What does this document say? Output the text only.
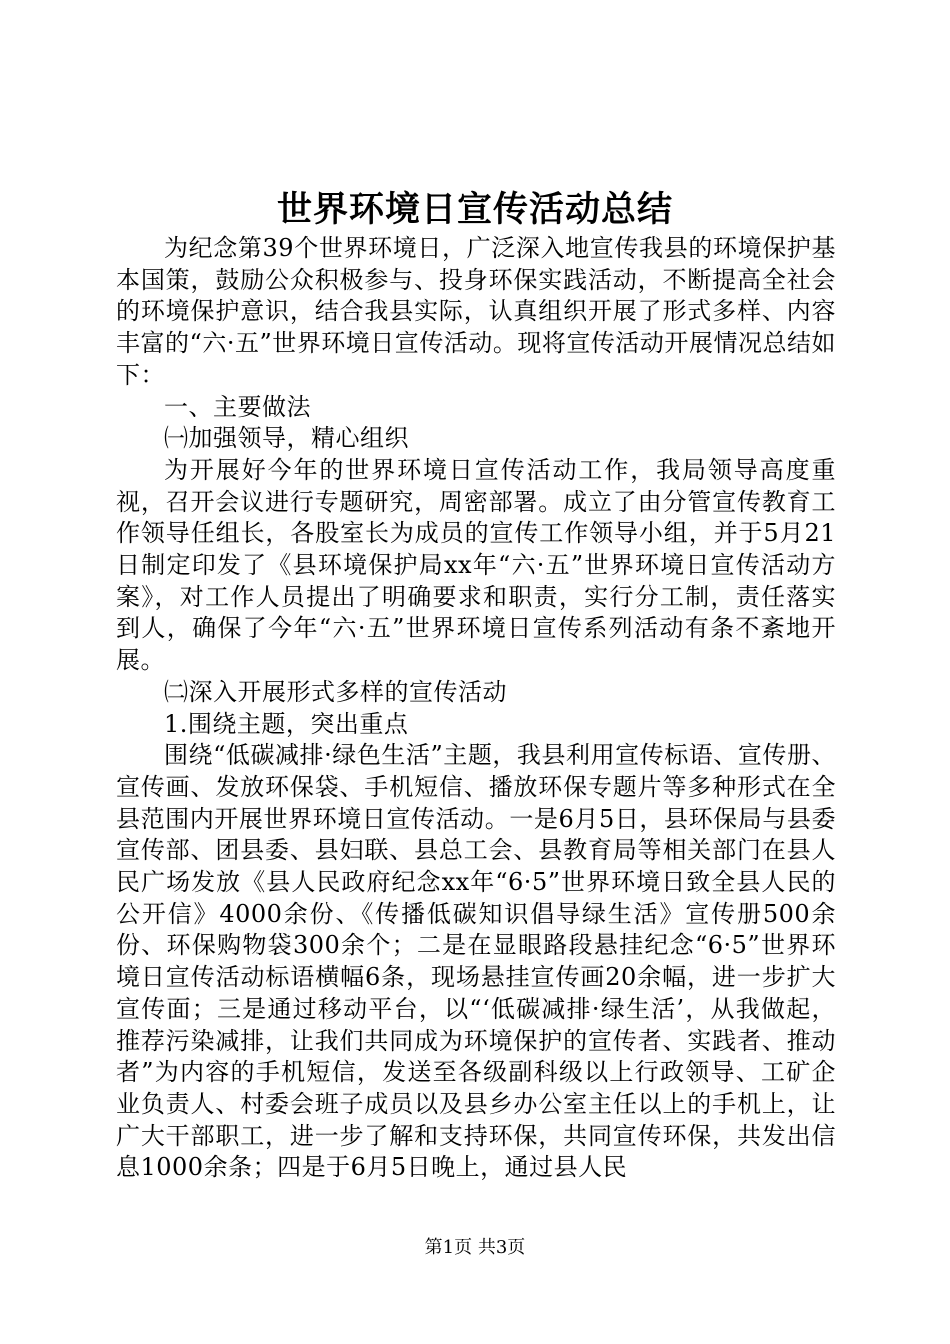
世界环境日宣传活动总结

为纪念第39个世界环境日，广泛深入地宣传我县的环境保护基本国策，鼓励公众积极参与、投身环保实践活动，不断提高全社会的环境保护意识，结合我县实际，认真组织开展了形式多样、内容丰富的“六·五”世界环境日宣传活动。现将宣传活动开展情况总结如下：

一、主要做法

㈠加强领导，精心组织

为开展好今年的世界环境日宣传活动工作，我局领导高度重视，召开会议进行专题研究，周密部署。成立了由分管宣传教育工作领导任组长，各股室长为成员的宣传工作领导小组，并于5月21日制定印发了《县环境保护局xx年“六·五”世界环境日宣传活动方案》，对工作人员提出了明确要求和职责，实行分工制，责任落实到人，确保了今年“六·五”世界环境日宣传系列活动有条不紊地开展。

㈡深入开展形式多样的宣传活动

1.围绕主题，突出重点

围绕“低碳减排·绿色生活”主题，我县利用宣传标语、宣传册、宣传画、发放环保袋、手机短信、播放环保专题片等多种形式在全县范围内开展世界环境日宣传活动。一是6月5日，县环保局与县委宣传部、团县委、县妇联、县总工会、县教育局等相关部门在县人民广场发放《县人民政府纪念xx年“6·5”世界环境日致全县人民的公开信》4000余份、《传播低碳知识倡导绿生活》宣传册500余份、环保购物袋300余个；二是在显眼路段悬挂纪念“6·5”世界环境日宣传活动标语横幅6条，现场悬挂宣传画20余幅，进一步扩大宣传面；三是通过移动平台，以“‘低碳减排·绿生活’，从我做起，推荐污染减排，让我们共同成为环境保护的宣传者、实践者、推动者”为内容的手机短信，发送至各级副科级以上行政领导、工矿企业负责人、村委会班子成员以及县乡办公室主任以上的手机上，让广大干部职工，进一步了解和支持环保，共同宣传环保，共发出信息1000余条；四是于6月5日晚上，通过县人民

第1页 共3页
